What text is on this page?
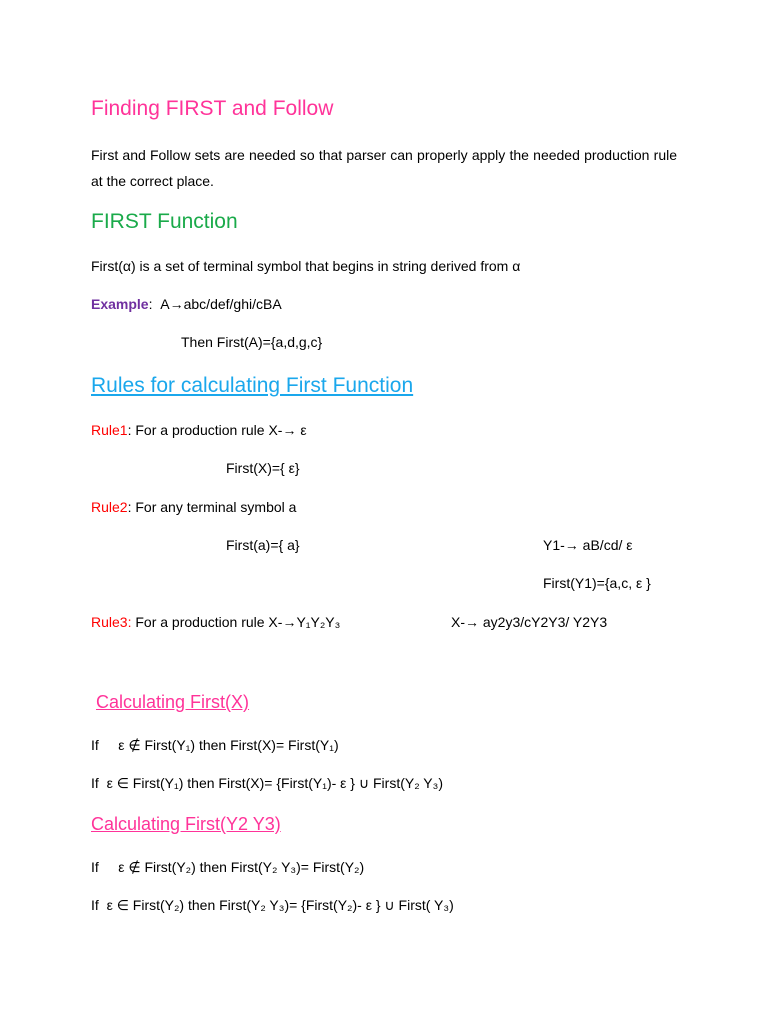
Finding FIRST and Follow
First and Follow sets are needed so that parser can properly apply the needed production rule at the correct place.
FIRST Function
First(α) is a set of terminal symbol that begins in string derived from α
Example: A→abc/def/ghi/cBA
Then First(A)={a,d,g,c}
Rules for calculating First Function
Rule1: For a production rule X-→ ε
First(X)={ ε}
Rule2: For any terminal symbol a
First(a)={ a}	Y1-→ aB/cd/ ε
First(Y1)={a,c, ε }
Rule3: For a production rule X-→Y₁Y₂Y₃	X-→ ay2y3/cY2Y3/ Y2Y3
Calculating First(X)
If ε ∉ First(Y₁) then First(X)= First(Y₁)
If ε ∈ First(Y₁) then First(X)= {First(Y₁)- ε } ∪ First(Y₂ Y₃)
Calculating First(Y2 Y3)
If ε ∉ First(Y₂) then First(Y₂ Y₃)= First(Y₂)
If ε ∈ First(Y₂) then First(Y₂ Y₃)= {First(Y₂)- ε } ∪ First( Y₃)
